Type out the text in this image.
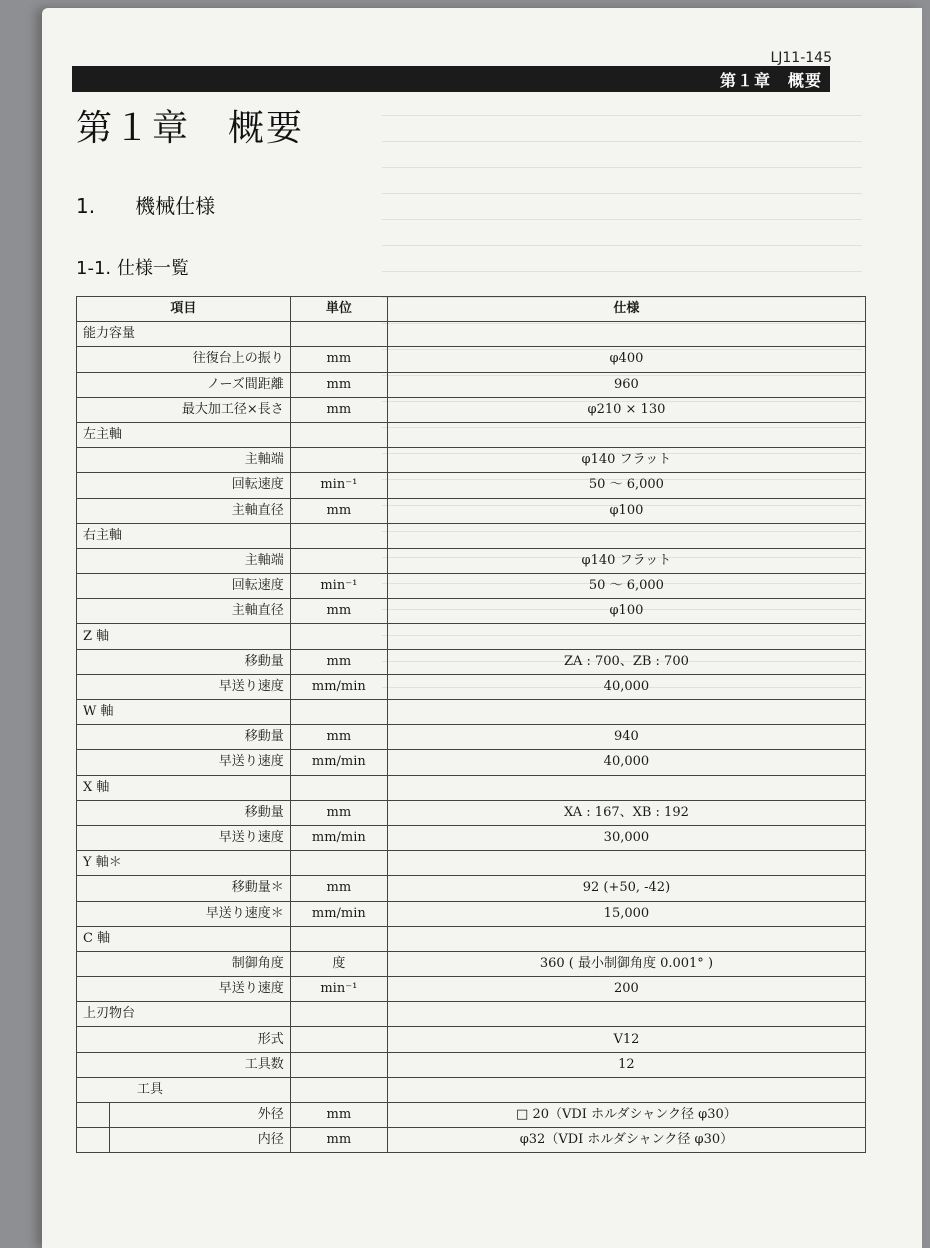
LJ11-145
第１章　概要
第１章　概要
1.　　機械仕様
1-1. 仕様一覧
項目		単位	仕様
能力容量			
往復台上の振り		mm	φ400
ノーズ間距離		mm	960
最大加工径×長さ		mm	φ210 × 130
左主軸			
主軸端			φ140 フラット
回転速度		min⁻¹	50 ～ 6,000
主軸直径		mm	φ100
右主軸			
主軸端			φ140 フラット
回転速度		min⁻¹	50 ～ 6,000
主軸直径		mm	φ100
Z 軸			
移動量		mm	ZA : 700、ZB : 700
早送り速度		mm/min	40,000
W 軸			
移動量		mm	940
早送り速度		mm/min	40,000
X 軸			
移動量		mm	XA : 167、XB : 192
早送り速度		mm/min	30,000
Y 軸＊			
移動量＊		mm	92 (+50, -42)
早送り速度＊		mm/min	15,000
C 軸			
制御角度		度	360 ( 最小制御角度 0.001° )
早送り速度		min⁻¹	200
上刃物台			
形式			V12
工具数			12
工具			
	外径	mm	□ 20（VDI ホルダシャンク径 φ30）
	内径	mm	φ32（VDI ホルダシャンク径 φ30）
